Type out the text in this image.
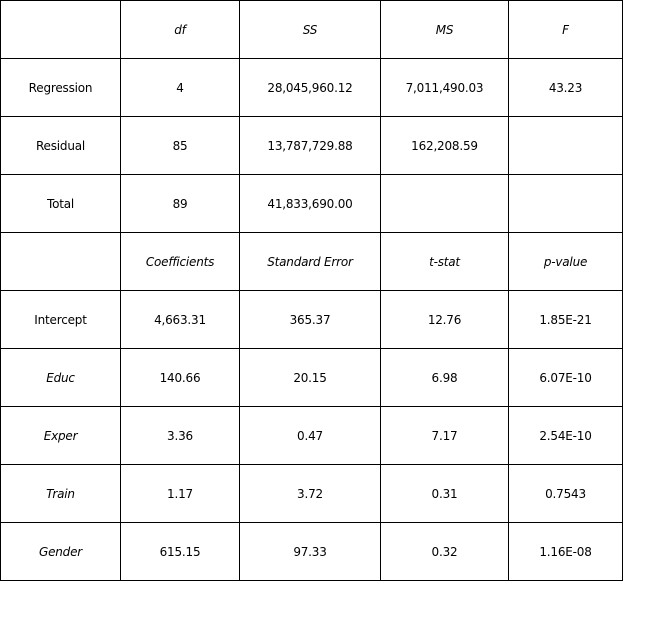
	df	SS	MS	F
Regression	4	28,045,960.12	7,011,490.03	43.23
Residual	85	13,787,729.88	162,208.59	
Total	89	41,833,690.00		
	Coefficients	Standard Error	t-stat	p-value
Intercept	4,663.31	365.37	12.76	1.85E-21
Educ	140.66	20.15	6.98	6.07E-10
Exper	3.36	0.47	7.17	2.54E-10
Train	1.17	3.72	0.31	0.7543
Gender	615.15	97.33	0.32	1.16E-08
